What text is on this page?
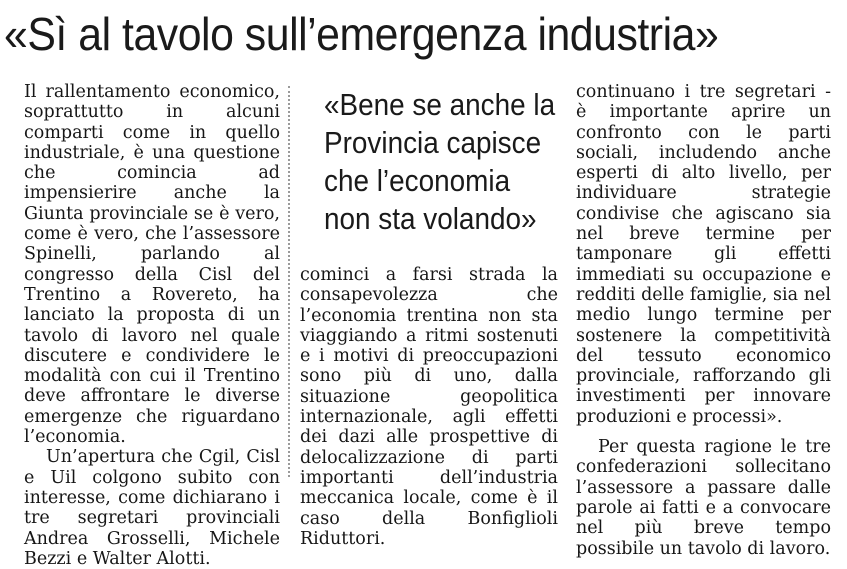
«Sì al tavolo sull’emergenza industria»

Il rallentamento economico, soprattutto in alcuni comparti come in quello industriale, è una questione che comincia ad impensierire anche la Giunta provinciale se è vero, come è vero, che l’assessore Spinelli, parlando al congresso della Cisl del Trentino a Rovereto, ha lanciato la proposta di un tavolo di lavoro nel quale discutere e condividere le modalità con cui il Trentino deve affrontare le diverse emergenze che riguardano l’economia.

Un’apertura che Cgil, Cisl e Uil colgono subito con interesse, come dichiarano i tre segretari provinciali Andrea Grosselli, Michele Bezzi e Walter Alotti.

«Bene se anche la
Provincia capisce
che l’economia
non sta volando»

cominci a farsi strada la consapevolezza che l’economia trentina non sta viaggiando a ritmi sostenuti e i motivi di preoccupazioni sono più di uno, dalla situazione geopolitica internazionale, agli effetti dei dazi alle prospettive di delocalizzazione di parti importanti dell’industria meccanica locale, come è il caso della Bonfiglioli Riduttori.

continuano i tre segretari - è importante aprire un confronto con le parti sociali, includendo anche esperti di alto livello, per individuare strategie condivise che agiscano sia nel breve termine per tamponare gli effetti immediati su occupazione e redditi delle famiglie, sia nel medio lungo termine per sostenere la competitività del tessuto economico provinciale, rafforzando gli investimenti per innovare produzioni e processi».

Per questa ragione le tre confederazioni sollecitano l’assessore a passare dalle parole ai fatti e a convocare nel più breve tempo possibile un tavolo di lavoro.
